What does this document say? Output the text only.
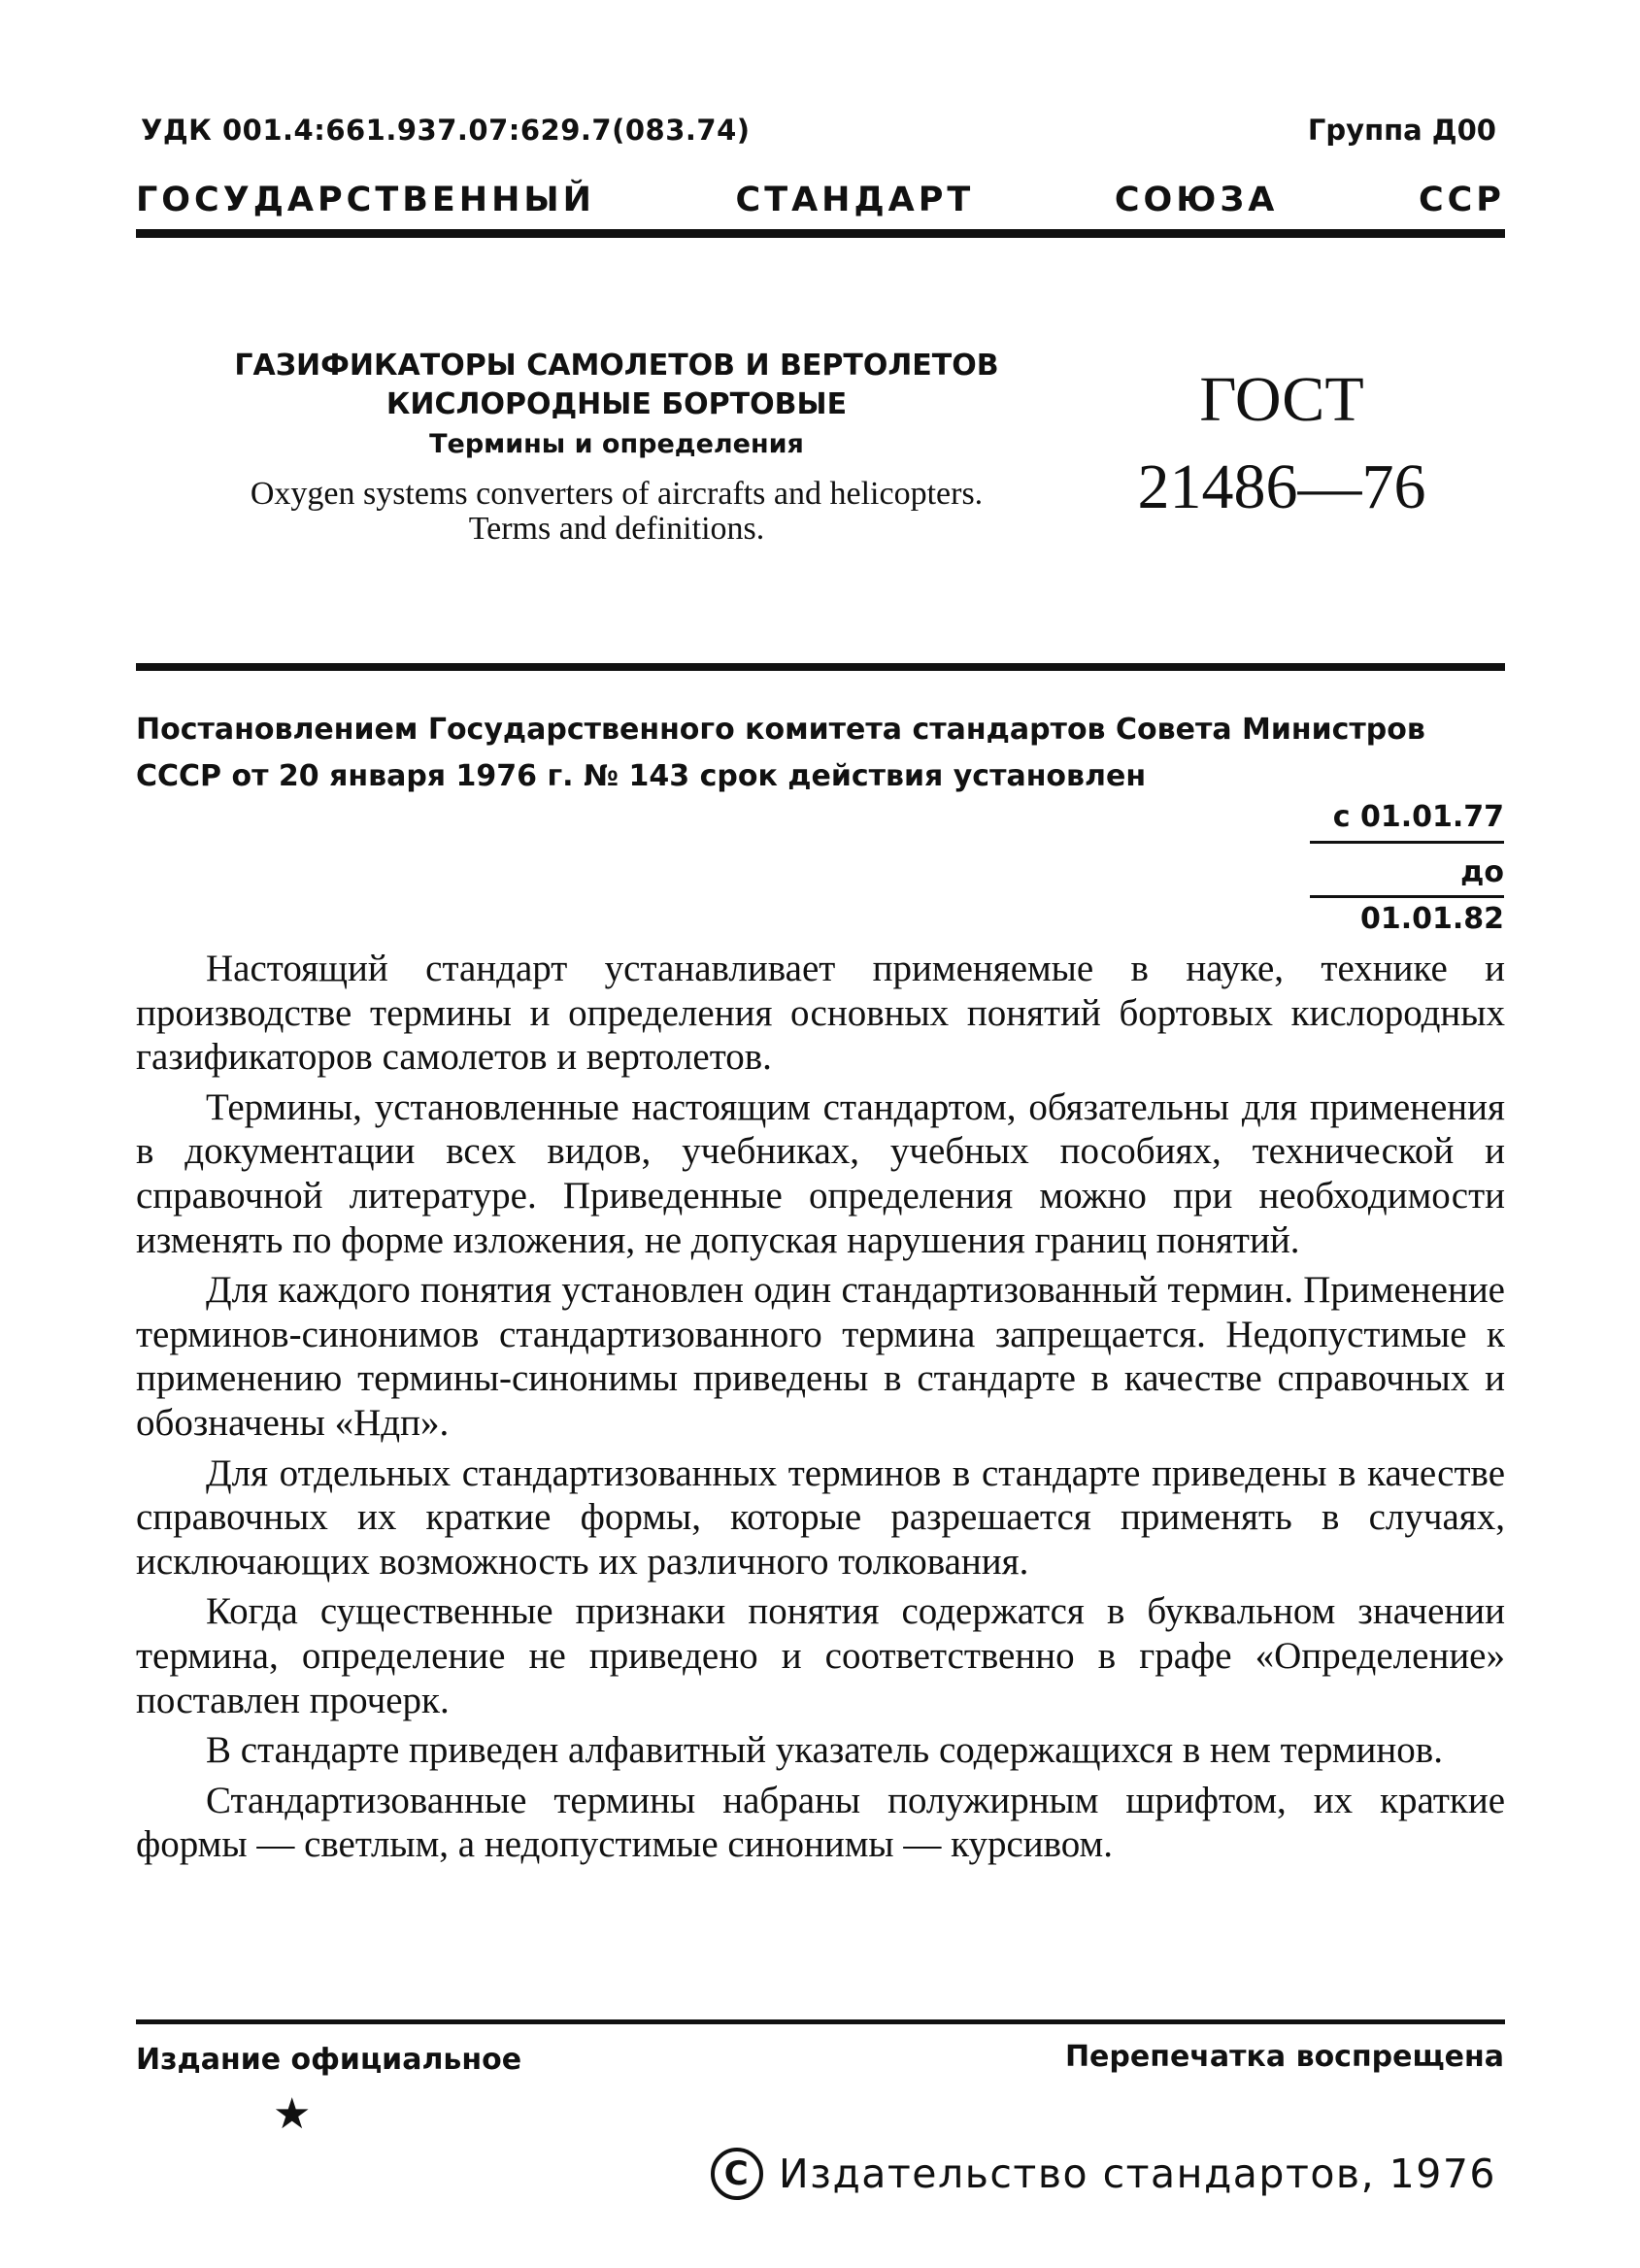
УДК 001.4:661.937.07:629.7(083.74)	Группа Д00
ГОСУДАРСТВЕННЫЙ	СТАНДАРТ	СОЮЗА	ССР
ГАЗИФИКАТОРЫ САМОЛЕТОВ И ВЕРТОЛЕТОВ
КИСЛОРОДНЫЕ БОРТОВЫЕ
Термины и определения
Oxygen systems converters of aircrafts and helicopters. Terms and definitions.
ГОСТ
21486—76
Постановлением Государственного комитета стандартов Совета Министров СССР от 20 января 1976 г. № 143 срок действия установлен
с 01.01.77
до 01.01.82

Настоящий стандарт устанавливает применяемые в науке, технике и производстве термины и определения основных понятий бортовых кислородных газификаторов самолетов и вертолетов.

Термины, установленные настоящим стандартом, обязательны для применения в документации всех видов, учебниках, учебных пособиях, технической и справочной литературе. Приведенные определения можно при необходимости изменять по форме изложения, не допуская нарушения границ понятий.

Для каждого понятия установлен один стандартизованный термин. Применение терминов-синонимов стандартизованного термина запрещается. Недопустимые к применению термины-синонимы приведены в стандарте в качестве справочных и обозначены «Ндп».

Для отдельных стандартизованных терминов в стандарте приведены в качестве справочных их краткие формы, которые разрешается применять в случаях, исключающих возможность их различного толкования.

Когда существенные признаки понятия содержатся в буквальном значении термина, определение не приведено и соответственно в графе «Определение» поставлен прочерк.

В стандарте приведен алфавитный указатель содержащихся в нем терминов.

Стандартизованные термины набраны полужирным шрифтом, их краткие формы — светлым, а недопустимые синонимы — курсивом.

Издание официальное	Перепечатка воспрещена
★
C Издательство стандартов, 1976
